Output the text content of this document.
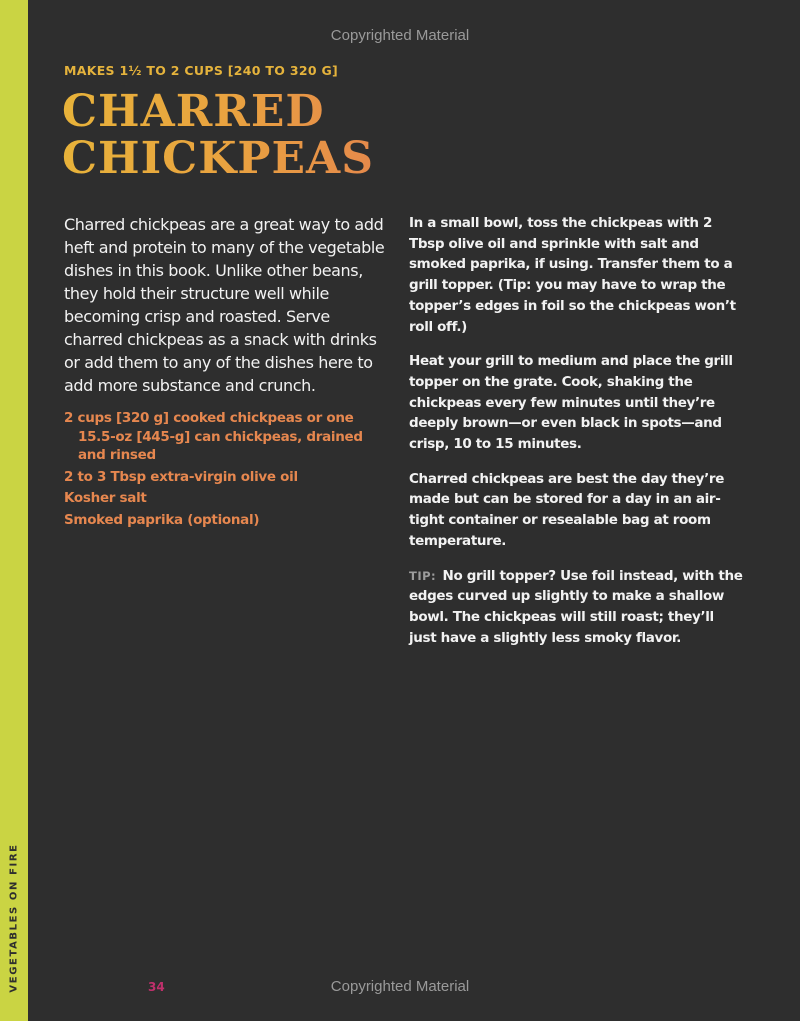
VEGETABLES ON FIRE
Copyrighted Material
MAKES 1½ TO 2 CUPS [240 TO 320 G]
CHARRED
CHICKPEAS

Charred chickpeas are a great way to add heft and protein to many of the vegetable dishes in this book. Unlike other beans, they hold their structure well while becoming crisp and roasted. Serve charred chickpeas as a snack with drinks or add them to any of the dishes here to add more substance and crunch.

2 cups [320 g] cooked chickpeas or one 15.5-oz [445-g] can chickpeas, drained and rinsed
2 to 3 Tbsp extra-virgin olive oil
Kosher salt
Smoked paprika (optional)

In a small bowl, toss the chickpeas with 2 Tbsp olive oil and sprinkle with salt and smoked paprika, if using. Transfer them to a grill topper. (Tip: you may have to wrap the topper’s edges in foil so the chickpeas won’t roll off.)

Heat your grill to medium and place the grill topper on the grate. Cook, shaking the chickpeas every few minutes until they’re deeply brown—or even black in spots—and crisp, 10 to 15 minutes.

Charred chickpeas are best the day they’re made but can be stored for a day in an air-tight container or resealable bag at room temperature.

TIP: No grill topper? Use foil instead, with the edges curved up slightly to make a shallow bowl. The chickpeas will still roast; they’ll just have a slightly less smoky flavor.

34	Copyrighted Material
